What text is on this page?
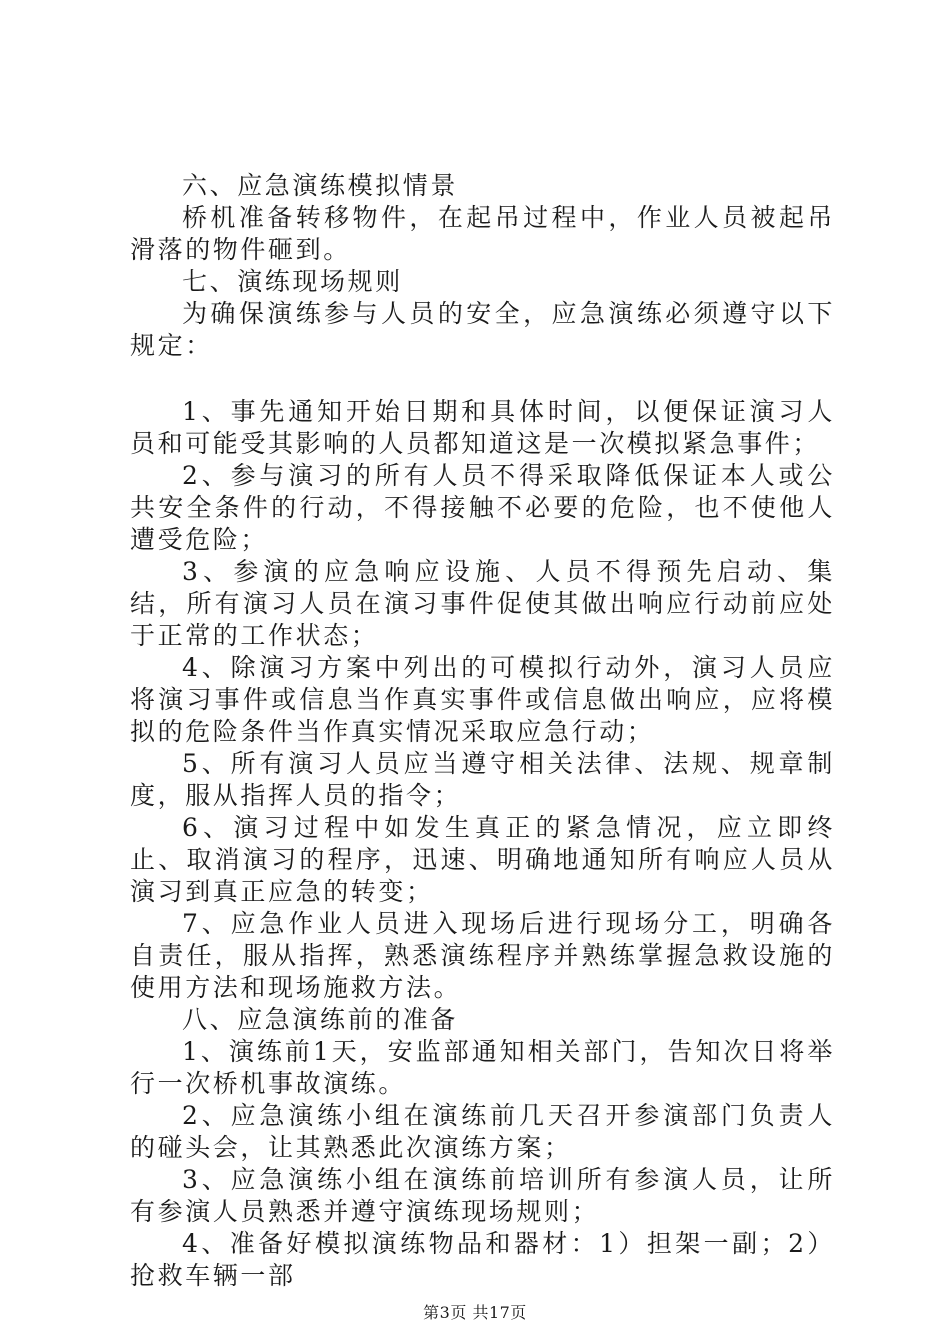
六、应急演练模拟情景

桥机准备转移物件，在起吊过程中，作业人员被起吊滑落的物件砸到。

七、演练现场规则

为确保演练参与人员的安全，应急演练必须遵守以下规定：

1、事先通知开始日期和具体时间，以便保证演习人员和可能受其影响的人员都知道这是一次模拟紧急事件；

2、参与演习的所有人员不得采取降低保证本人或公共安全条件的行动，不得接触不必要的危险，也不使他人遭受危险；

3、参演的应急响应设施、人员不得预先启动、集结，所有演习人员在演习事件促使其做出响应行动前应处于正常的工作状态；

4、除演习方案中列出的可模拟行动外，演习人员应将演习事件或信息当作真实事件或信息做出响应，应将模拟的危险条件当作真实情况采取应急行动；

5、所有演习人员应当遵守相关法律、法规、规章制度，服从指挥人员的指令；

6、演习过程中如发生真正的紧急情况，应立即终止、取消演习的程序，迅速、明确地通知所有响应人员从演习到真正应急的转变；

7、应急作业人员进入现场后进行现场分工，明确各自责任，服从指挥，熟悉演练程序并熟练掌握急救设施的使用方法和现场施救方法。

八、应急演练前的准备

1、演练前1天，安监部通知相关部门，告知次日将举行一次桥机事故演练。

2、应急演练小组在演练前几天召开参演部门负责人的碰头会，让其熟悉此次演练方案；

3、应急演练小组在演练前培训所有参演人员，让所有参演人员熟悉并遵守演练现场规则；

4、准备好模拟演练物品和器材：1）担架一副；2）抢救车辆一部

第3页 共17页
